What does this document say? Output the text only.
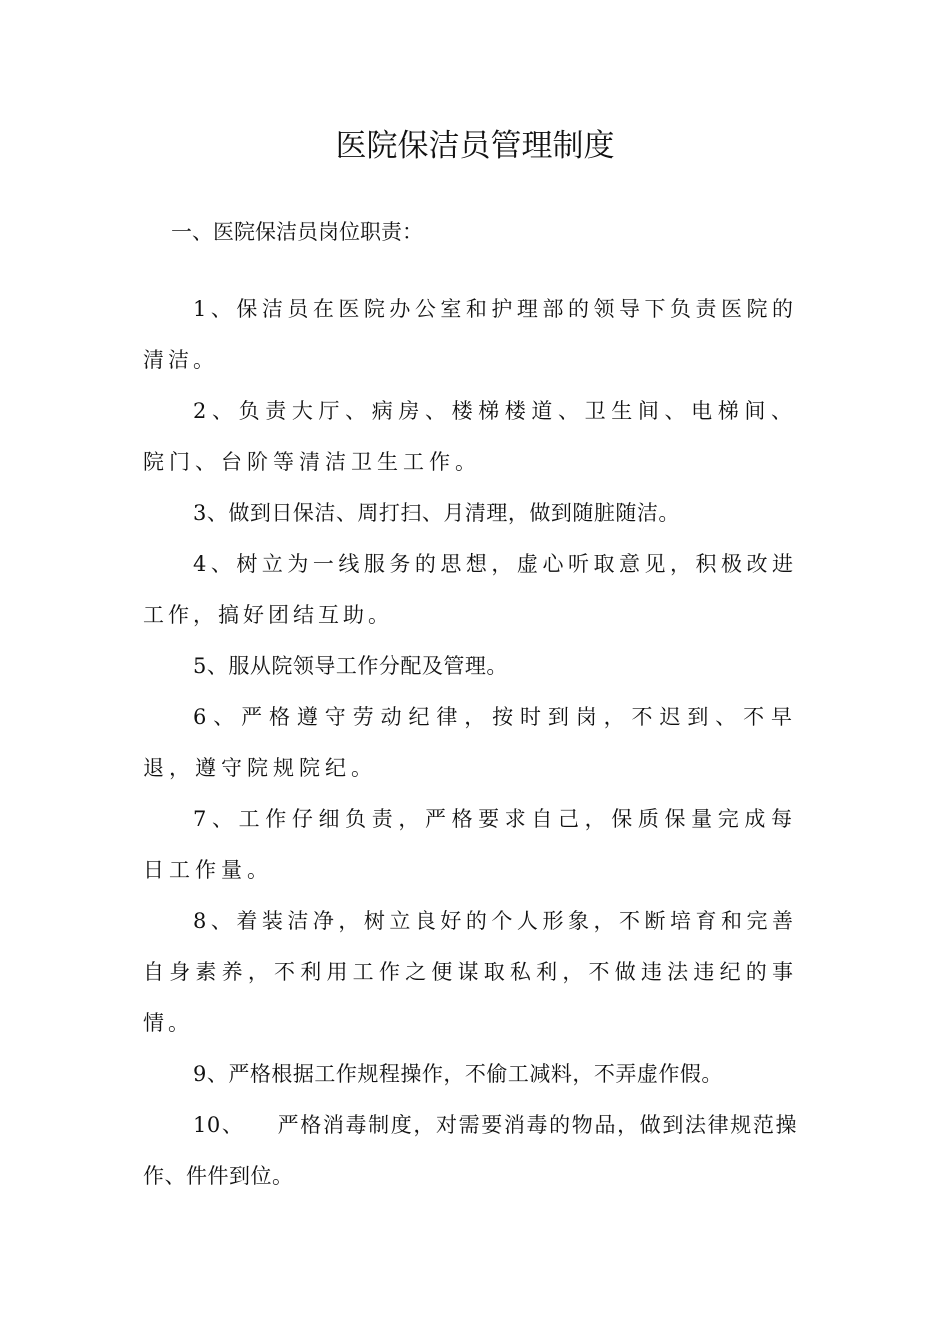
医院保洁员管理制度

一、医院保洁员岗位职责：

1、保洁员在医院办公室和护理部的领导下负责医院的清洁。

2、负责大厅、病房、楼梯楼道、卫生间、电梯间、院门、台阶等清洁卫生工作。

3、做到日保洁、周打扫、月清理，做到随脏随洁。

4、树立为一线服务的思想，虚心听取意见，积极改进工作，搞好团结互助。

5、服从院领导工作分配及管理。

6、严格遵守劳动纪律，按时到岗，不迟到、不早退，遵守院规院纪。

7、工作仔细负责，严格要求自己，保质保量完成每日工作量。

8、着装洁净，树立良好的个人形象，不断培育和完善自身素养，不利用工作之便谋取私利，不做违法违纪的事情。

9、严格根据工作规程操作，不偷工减料，不弄虚作假。

10、 严格消毒制度，对需要消毒的物品，做到法律规范操作、件件到位。
